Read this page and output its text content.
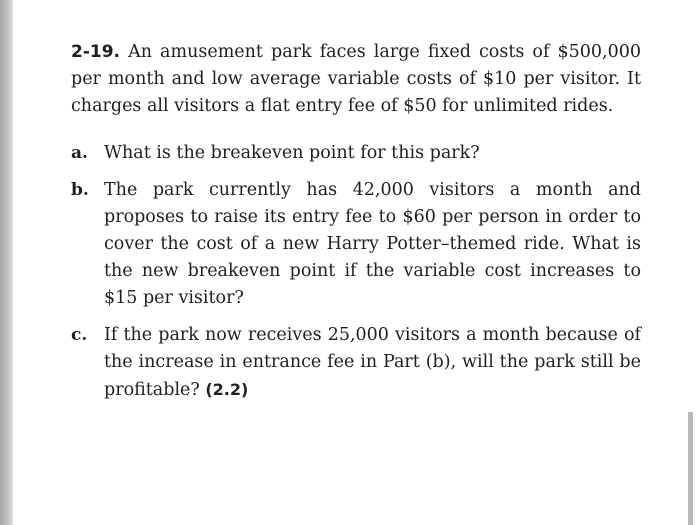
2-19. An amusement park faces large fixed costs of $500,000 per month and low average variable costs of $10 per visitor. It charges all visitors a flat entry fee of $50 for unlimited rides.

a. What is the breakeven point for this park?
b. The park currently has 42,000 visitors a month and proposes to raise its entry fee to $60 per person in order to cover the cost of a new Harry Potter–themed ride. What is the new breakeven point if the variable cost increases to $15 per visitor?
c. If the park now receives 25,000 visitors a month because of the increase in entrance fee in Part (b), will the park still be profitable? (2.2)
